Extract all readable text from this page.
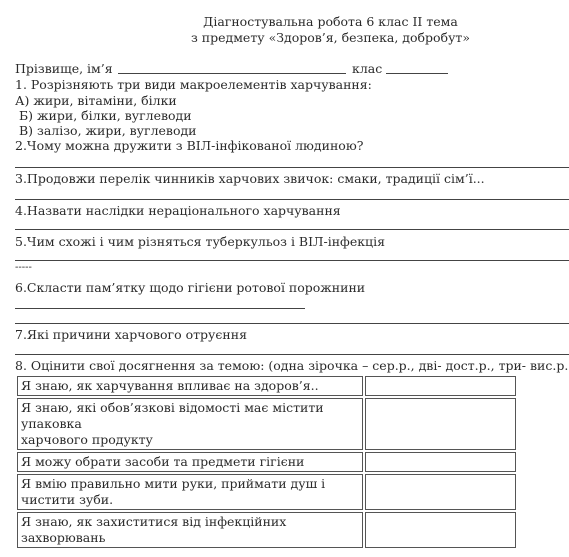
Діагностувальна робота 6 клас ІІ тема
з предмету «Здоров’я, безпека, добробут»
Прізвище, ім’я	клас
1. Розрізняють три види макроелементів харчування:
А) жири, вітаміни, білки
Б) жири, білки, вуглеводи
В) залізо, жири, вуглеводи
2.Чому можна дружити з ВІЛ-інфікованої людиною?
3.Продовжи перелік чинників харчових звичок: смаки, традиції сім’ї...
4.Назвати наслідки нераціонального харчування
5.Чим схожі і чим різняться туберкульоз і ВІЛ-інфекція
-----
6.Скласти пам’ятку щодо гігієни ротової порожнини
7.Які причини харчового отруєння
8. Оцінити свої досягнення за темою: (одна зірочка – сер.р., дві- дост.р., три- вис.р.
Я знаю, як харчування впливає на здоров’я..	

Я знаю, які обов’язкові відомості має містити
упаковка
харчового продукту	

Я можу обрати засоби та предмети гігієни	

Я вмію правильно мити руки, приймати душ і
чистити зуби.	

Я знаю, як захиститися від інфекційних
захворювань	
